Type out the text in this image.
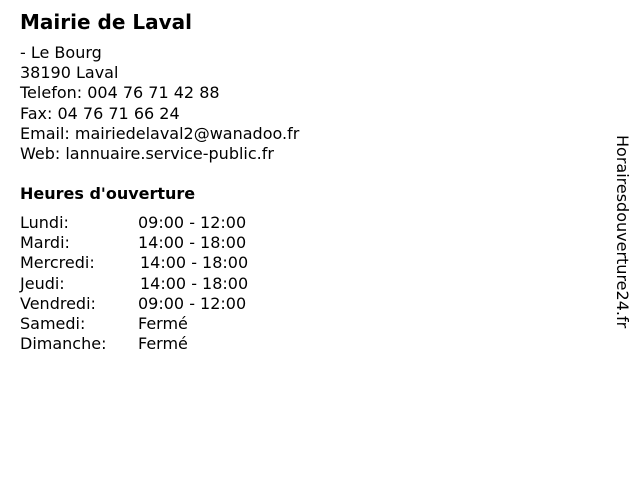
Mairie de Laval
- Le Bourg
38190 Laval
Telefon: 004 76 71 42 88
Fax: 04 76 71 66 24
Email: mairiedelaval2@wanadoo.fr
Web: lannuaire.service-public.fr
Heures d'ouverture
Lundi:	09:00 - 12:00
Mardi:	14:00 - 18:00
Mercredi:	14:00 - 18:00
Jeudi:	14:00 - 18:00
Vendredi:	09:00 - 12:00
Samedi:	Fermé
Dimanche: Fermé
Horairesdouverture24.fr
